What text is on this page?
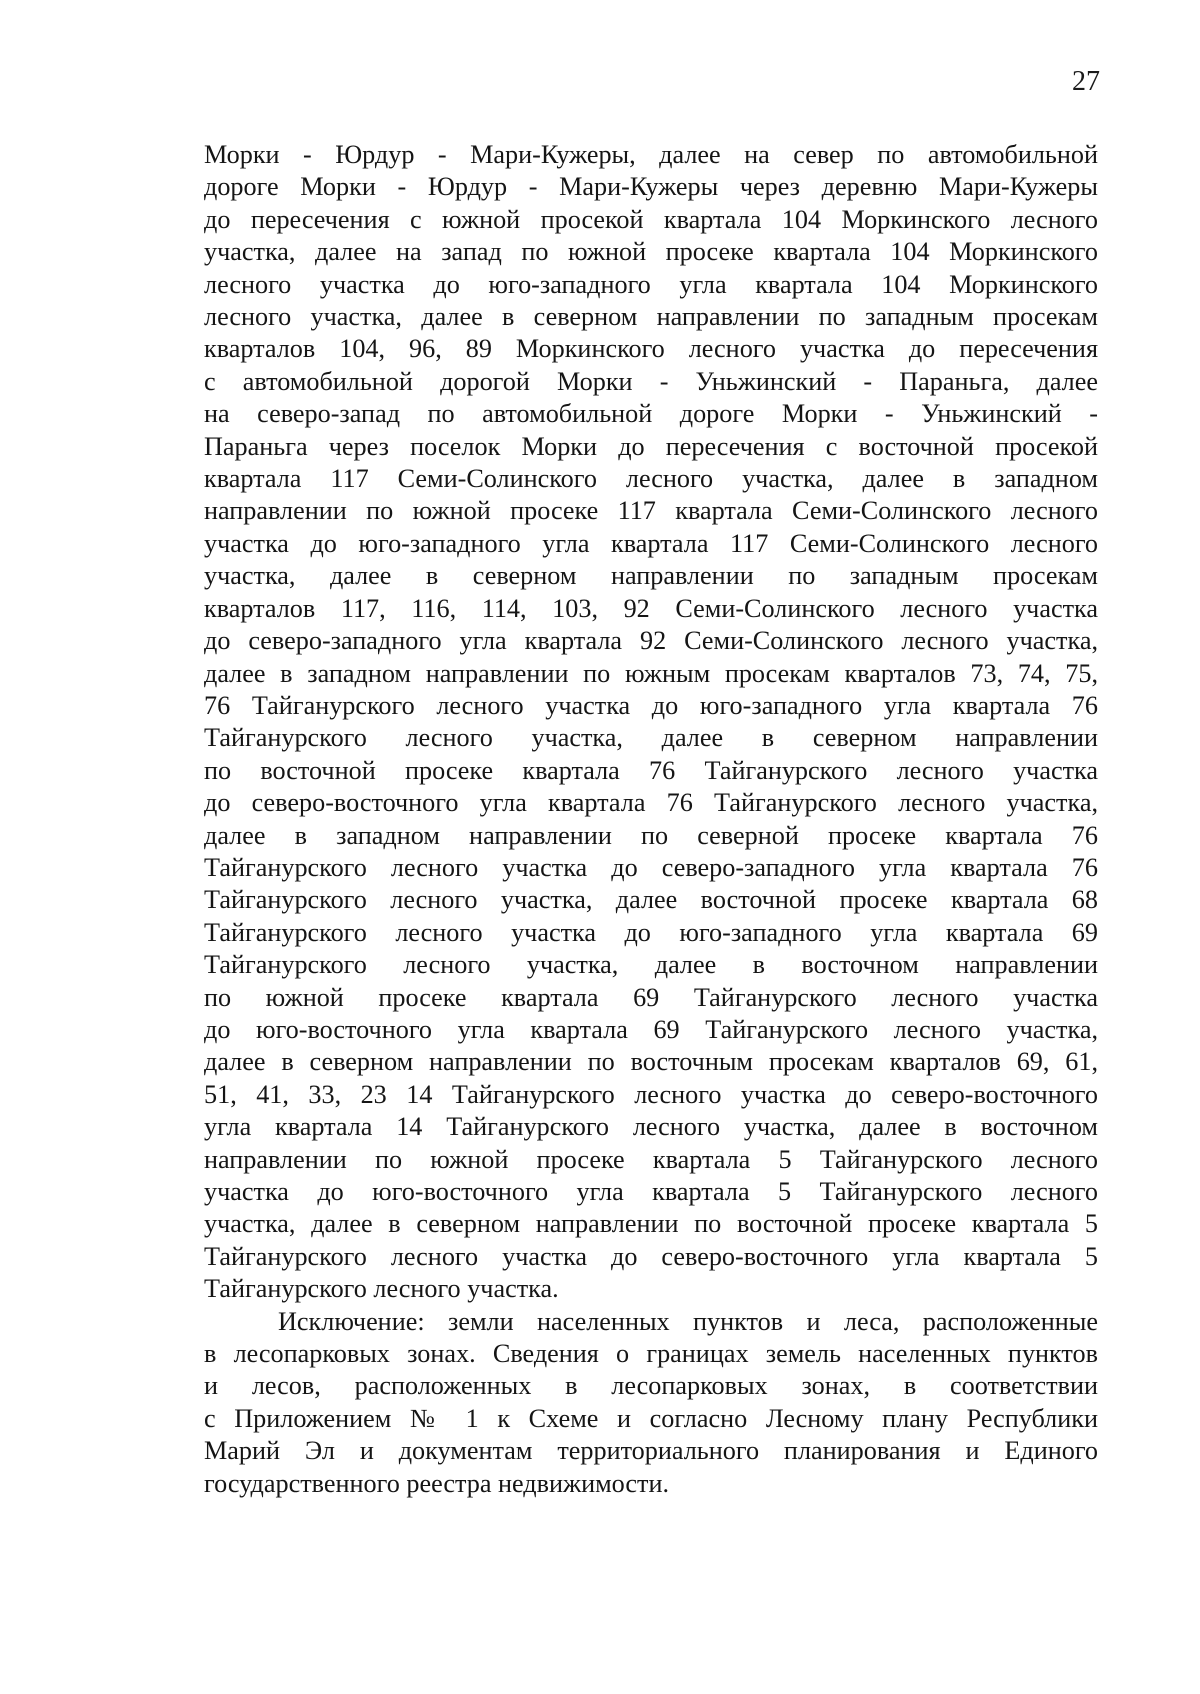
27
Морки - Юрдур - Мари-Кужеры, далее на север по автомобильной
дороге Морки - Юрдур - Мари-Кужеры через деревню Мари-Кужеры
до пересечения с южной просекой квартала 104 Моркинского лесного
участка, далее на запад по южной просеке квартала 104 Моркинского
лесного участка до юго-западного угла квартала 104 Моркинского
лесного участка, далее в северном направлении по западным просекам
кварталов 104, 96, 89 Моркинского лесного участка до пересечения
с автомобильной дорогой Морки - Уньжинский - Параньга, далее
на северо-запад по автомобильной дороге Морки - Уньжинский -
Параньга через поселок Морки до пересечения с восточной просекой
квартала 117 Семи-Солинского лесного участка, далее в западном
направлении по южной просеке 117 квартала Семи-Солинского лесного
участка до юго-западного угла квартала 117 Семи-Солинского лесного
участка, далее в северном направлении по западным просекам
кварталов 117, 116, 114, 103, 92 Семи-Солинского лесного участка
до северо-западного угла квартала 92 Семи-Солинского лесного участка,
далее в западном направлении по южным просекам кварталов 73, 74, 75,
76 Тайганурского лесного участка до юго-западного угла квартала 76
Тайганурского лесного участка, далее в северном направлении
по восточной просеке квартала 76 Тайганурского лесного участка
до северо-восточного угла квартала 76 Тайганурского лесного участка,
далее в западном направлении по северной просеке квартала 76
Тайганурского лесного участка до северо-западного угла квартала 76
Тайганурского лесного участка, далее восточной просеке квартала 68
Тайганурского лесного участка до юго-западного угла квартала 69
Тайганурского лесного участка, далее в восточном направлении
по южной просеке квартала 69 Тайганурского лесного участка
до юго-восточного угла квартала 69 Тайганурского лесного участка,
далее в северном направлении по восточным просекам кварталов 69, 61,
51, 41, 33, 23 14 Тайганурского лесного участка до северо-восточного
угла квартала 14 Тайганурского лесного участка, далее в восточном
направлении по южной просеке квартала 5 Тайганурского лесного
участка до юго-восточного угла квартала 5 Тайганурского лесного
участка, далее в северном направлении по восточной просеке квартала 5
Тайганурского лесного участка до северо-восточного угла квартала 5
Тайганурского лесного участка.
Исключение: земли населенных пунктов и леса, расположенные
в лесопарковых зонах. Сведения о границах земель населенных пунктов
и лесов, расположенных в лесопарковых зонах, в соответствии
с Приложением № 1 к Схеме и согласно Лесному плану Республики
Марий Эл и документам территориального планирования и Единого
государственного реестра недвижимости.
